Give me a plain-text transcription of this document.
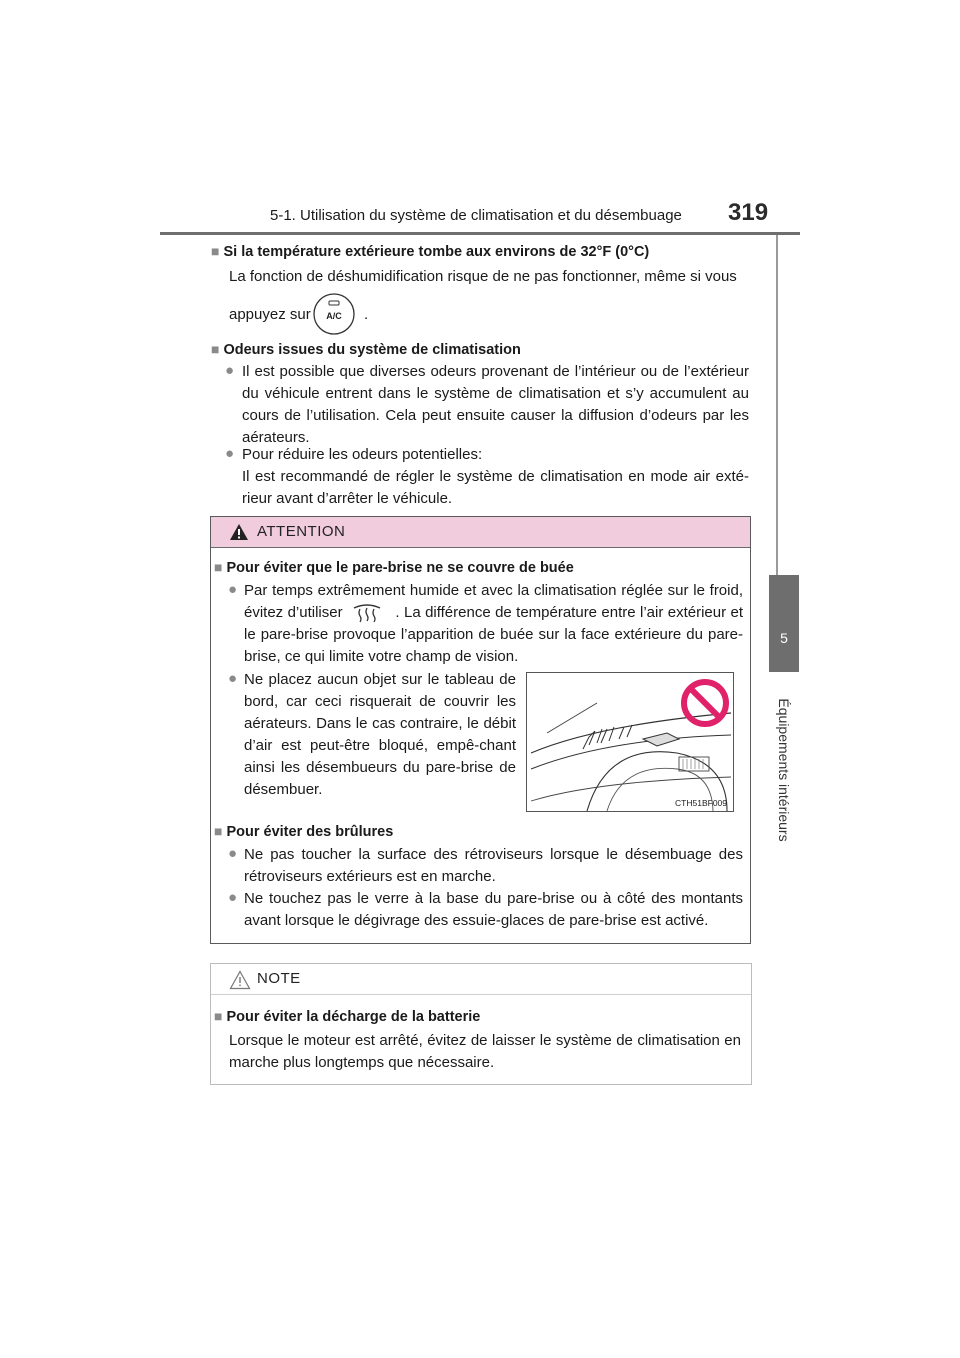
5-1. Utilisation du système de climatisation et du désembuage 319
5
Équipements intérieurs
■ Si la température extérieure tombe aux environs de 32°F (0°C)
La fonction de déshumidification risque de ne pas fonctionner, même si vous
appuyez sur A/C .
■ Odeurs issues du système de climatisation
● Il est possible que diverses odeurs provenant de l’intérieur ou de l’extérieur du véhicule entrent dans le système de climatisation et s’y accumulent au cours de l’utilisation. Cela peut ensuite causer la diffusion d’odeurs par les aérateurs.
● Pour réduire les odeurs potentielles:
Il est recommandé de régler le système de climatisation en mode air exté-rieur avant d’arrêter le véhicule.
ATTENTION
■ Pour éviter que le pare-brise ne se couvre de buée
● Par temps extrêmement humide et avec la climatisation réglée sur le froid, évitez d’utiliser	. La différence de température entre l’air extérieur et le pare-brise provoque l’apparition de buée sur la face extérieure du pare-brise, ce qui limite votre champ de vision.
● Ne placez aucun objet sur le tableau de bord, car ceci risquerait de couvrir les aérateurs. Dans le cas contraire, le débit d’air est peut-être bloqué, empê-chant ainsi les désembueurs du pare-brise de désembuer.
CTH51BF009
■ Pour éviter des brûlures
● Ne pas toucher la surface des rétroviseurs lorsque le désembuage des rétroviseurs extérieurs est en marche.
● Ne touchez pas le verre à la base du pare-brise ou à côté des montants avant lorsque le dégivrage des essuie-glaces de pare-brise est activé.
NOTE
■ Pour éviter la décharge de la batterie
Lorsque le moteur est arrêté, évitez de laisser le système de climatisation en marche plus longtemps que nécessaire.
